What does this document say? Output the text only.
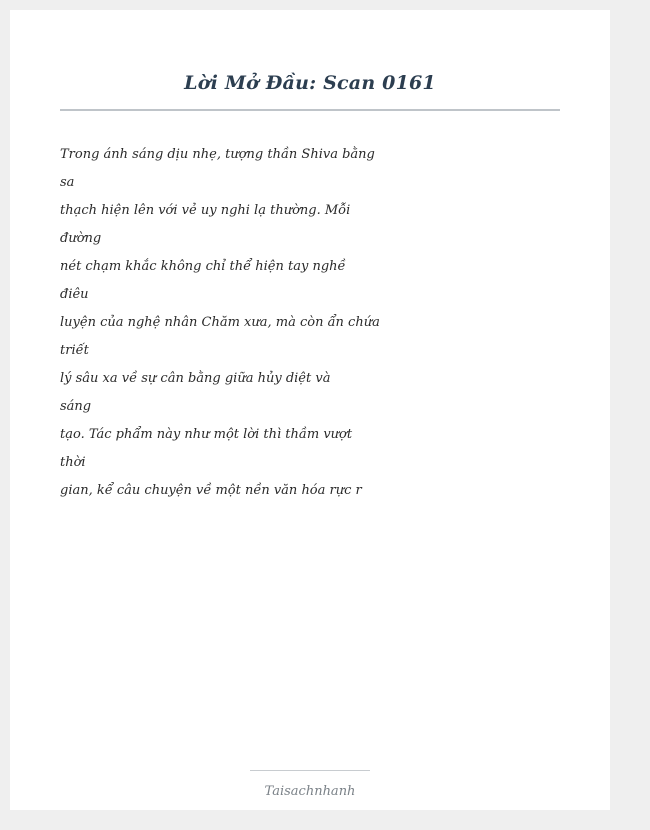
Lời Mở Đầu: Scan 0161
Trong ánh sáng dịu nhẹ, tượng thần Shiva bằng
sa
thạch hiện lên với vẻ uy nghi lạ thường. Mỗi
đường
nét chạm khắc không chỉ thể hiện tay nghề
điêu
luyện của nghệ nhân Chăm xưa, mà còn ẩn chứa
triết
lý sâu xa về sự cân bằng giữa hủy diệt và
sáng
tạo. Tác phẩm này như một lời thì thầm vượt
thời
gian, kể câu chuyện về một nền văn hóa rực r
Taisachnhanh
